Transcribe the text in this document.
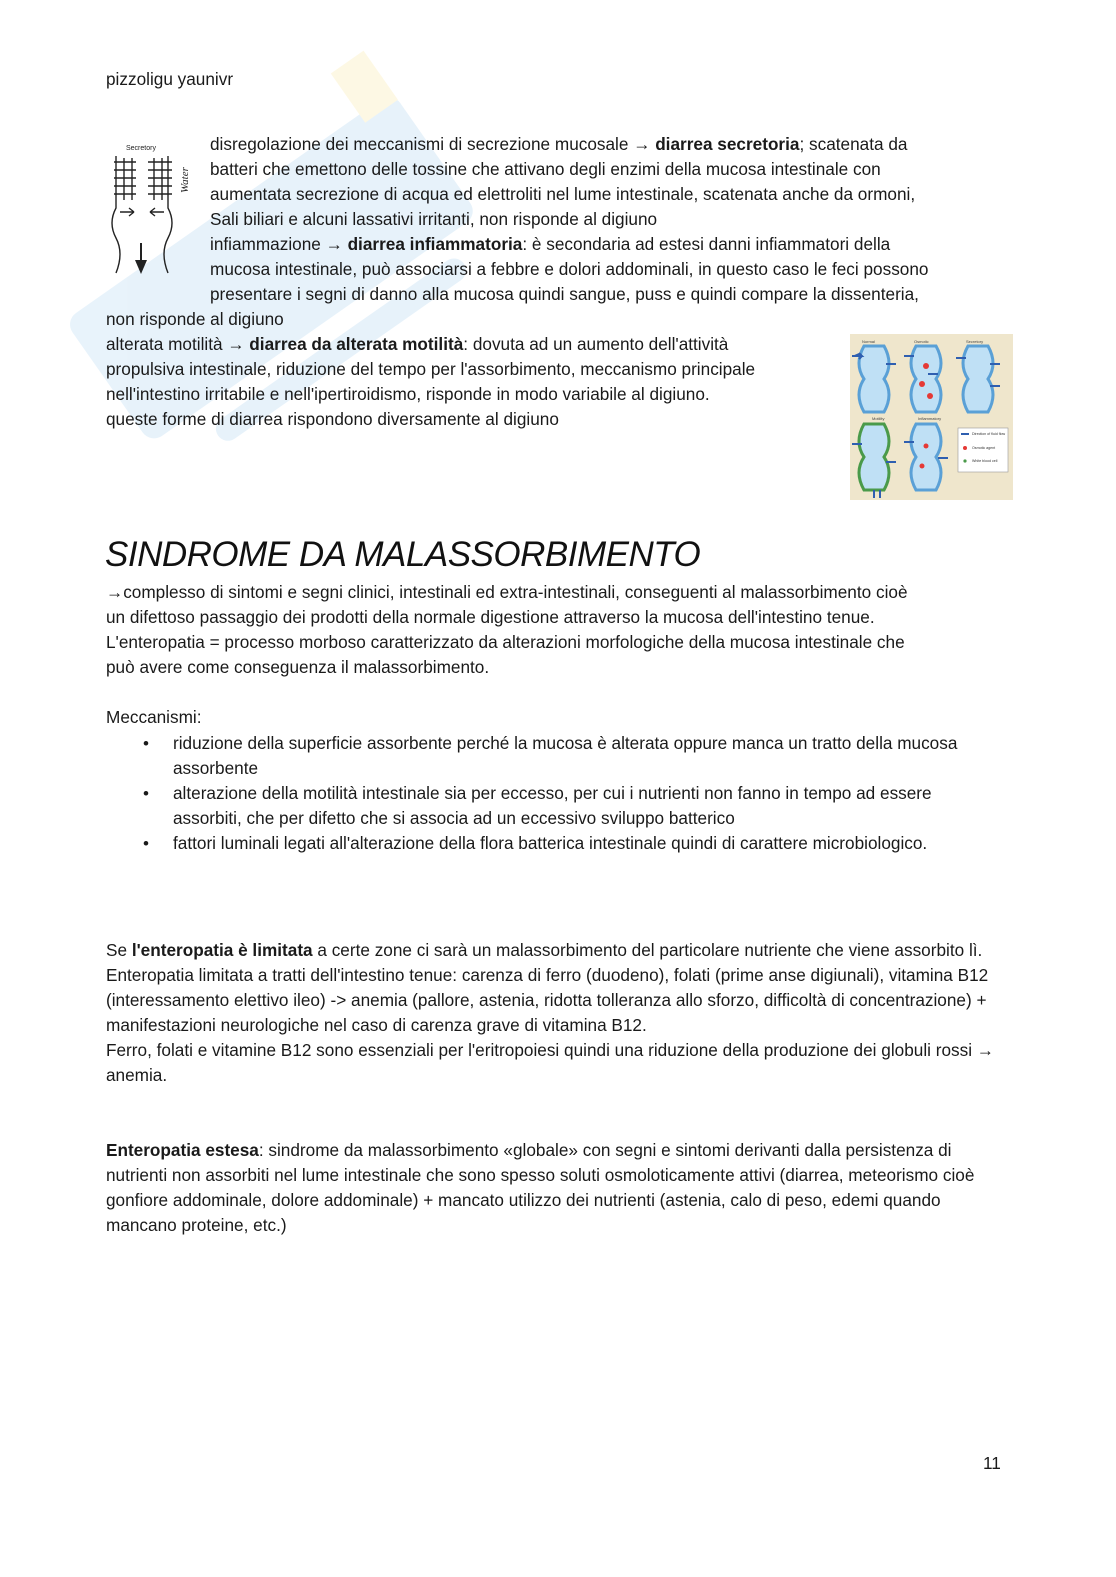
pizzoligu yaunivr
Secretory
Water
disregolazione dei meccanismi di secrezione mucosale → diarrea secretoria; scatenata da
batteri che emettono delle tossine che attivano degli enzimi della mucosa intestinale con
aumentata secrezione di acqua ed elettroliti nel lume intestinale, scatenata anche da ormoni,
Sali biliari e alcuni lassativi irritanti, non risponde al digiuno
infiammazione → diarrea infiammatoria: è secondaria ad estesi danni infiammatori della
mucosa intestinale, può associarsi a febbre e dolori addominali, in questo caso le feci possono
presentare i segni di danno alla mucosa quindi sangue, puss e quindi compare la dissenteria,
non risponde al digiuno
alterata motilità → diarrea da alterata motilità: dovuta ad un aumento dell'attività
propulsiva intestinale, riduzione del tempo per l'assorbimento, meccanismo principale
nell'intestino irritabile e nell'ipertiroidismo, risponde in modo variabile al digiuno.
queste forme di diarrea rispondono diversamente al digiuno
Normal	Osmotic	Secretory
Motility	Inflammatory
Direction of fluid flow
Osmotic agent
White blood cell
SINDROME DA MALASSORBIMENTO
→complesso di sintomi e segni clinici, intestinali ed extra-intestinali, conseguenti al malassorbimento cioè
un difettoso passaggio dei prodotti della normale digestione attraverso la mucosa dell'intestino tenue.
L'enteropatia = processo morboso caratterizzato da alterazioni morfologiche della mucosa intestinale che
può avere come conseguenza il malassorbimento.
Meccanismi:
• riduzione della superficie assorbente perché la mucosa è alterata oppure manca un tratto della mucosa assorbente
• alterazione della motilità intestinale sia per eccesso, per cui i nutrienti non fanno in tempo ad essere assorbiti, che per difetto che si associa ad un eccessivo sviluppo batterico
• fattori luminali legati all'alterazione della flora batterica intestinale quindi di carattere microbiologico.
Se l'enteropatia è limitata a certe zone ci sarà un malassorbimento del particolare nutriente che viene assorbito lì. Enteropatia limitata a tratti dell'intestino tenue: carenza di ferro (duodeno), folati (prime anse digiunali), vitamina B12 (interessamento elettivo ileo) -> anemia (pallore, astenia, ridotta tolleranza allo sforzo, difficoltà di concentrazione) + manifestazioni neurologiche nel caso di carenza grave di vitamina B12.
Ferro, folati e vitamine B12 sono essenziali per l'eritropoiesi quindi una riduzione della produzione dei globuli rossi → anemia.
Enteropatia estesa: sindrome da malassorbimento «globale» con segni e sintomi derivanti dalla persistenza di nutrienti non assorbiti nel lume intestinale che sono spesso soluti osmoloticamente attivi (diarrea, meteorismo cioè gonfiore addominale, dolore addominale) + mancato utilizzo dei nutrienti (astenia, calo di peso, edemi quando mancano proteine, etc.)
11
